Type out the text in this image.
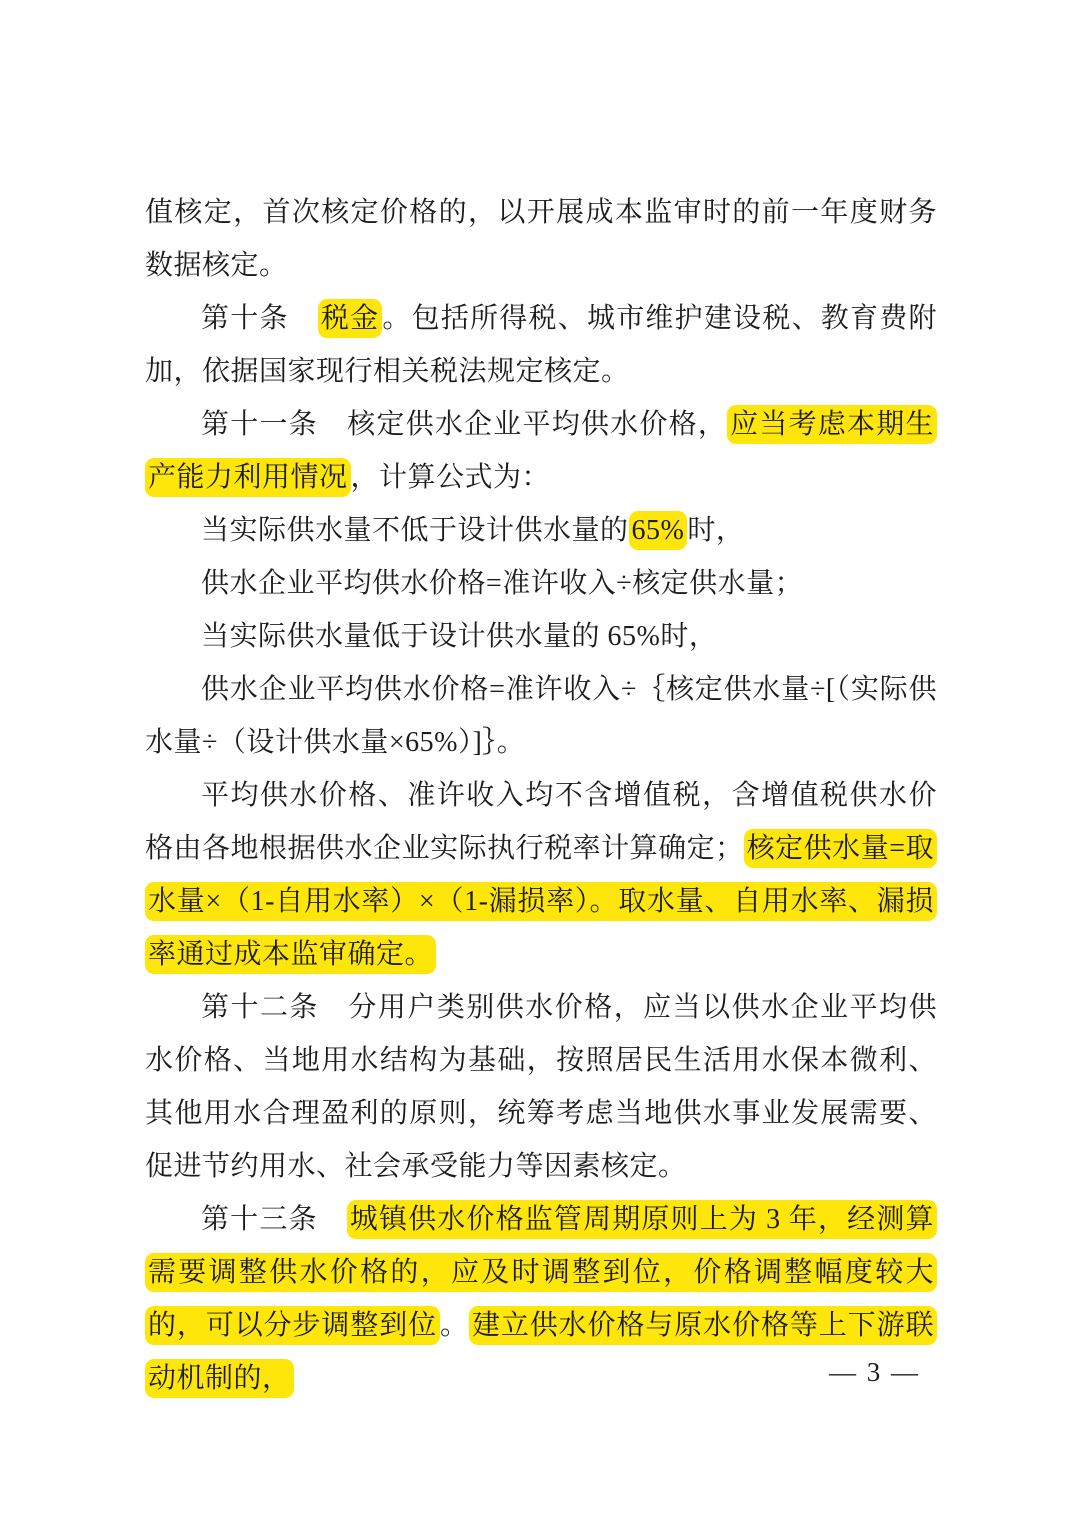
值核定，首次核定价格的，以开展成本监审时的前一年度财务数据核定。

第十条　税金 。包括所得税、城市维护建设税、教育费附加，依据国家现行相关税法规定核定。

第十一条　核定供水企业平均供水价格， 应当考虑本期生产能力利用情况 ，计算公式为：

当实际供水量不低于设计供水量的 65% 时，

供水企业平均供水价格=准许收入÷核定供水量；

当实际供水量低于设计供水量的 65%时，

供水企业平均供水价格=准许收入÷｛核定供水量÷[（实际供水量÷（设计供水量×65%）]｝。

平均供水价格、准许收入均不含增值税，含增值税供水价格由各地根据供水企业实际执行税率计算确定； 核定供水量=取水量×（1-自用水率）×（1-漏损率）。取水量、自用水率、漏损率通过成本监审确定。

第十二条　分用户类别供水价格，应当以供水企业平均供水价格、当地用水结构为基础，按照居民生活用水保本微利、其他用水合理盈利的原则，统筹考虑当地供水事业发展需要、促进节约用水、社会承受能力等因素核定。

第十三条　城镇供水价格监管周期原则上为 3 年，经测算需要调整供水价格的，应及时调整到位，价格调整幅度较大的，可以分步调整到位 。 建立供水价格与原水价格等上下游联动机制的，	— 3 —
